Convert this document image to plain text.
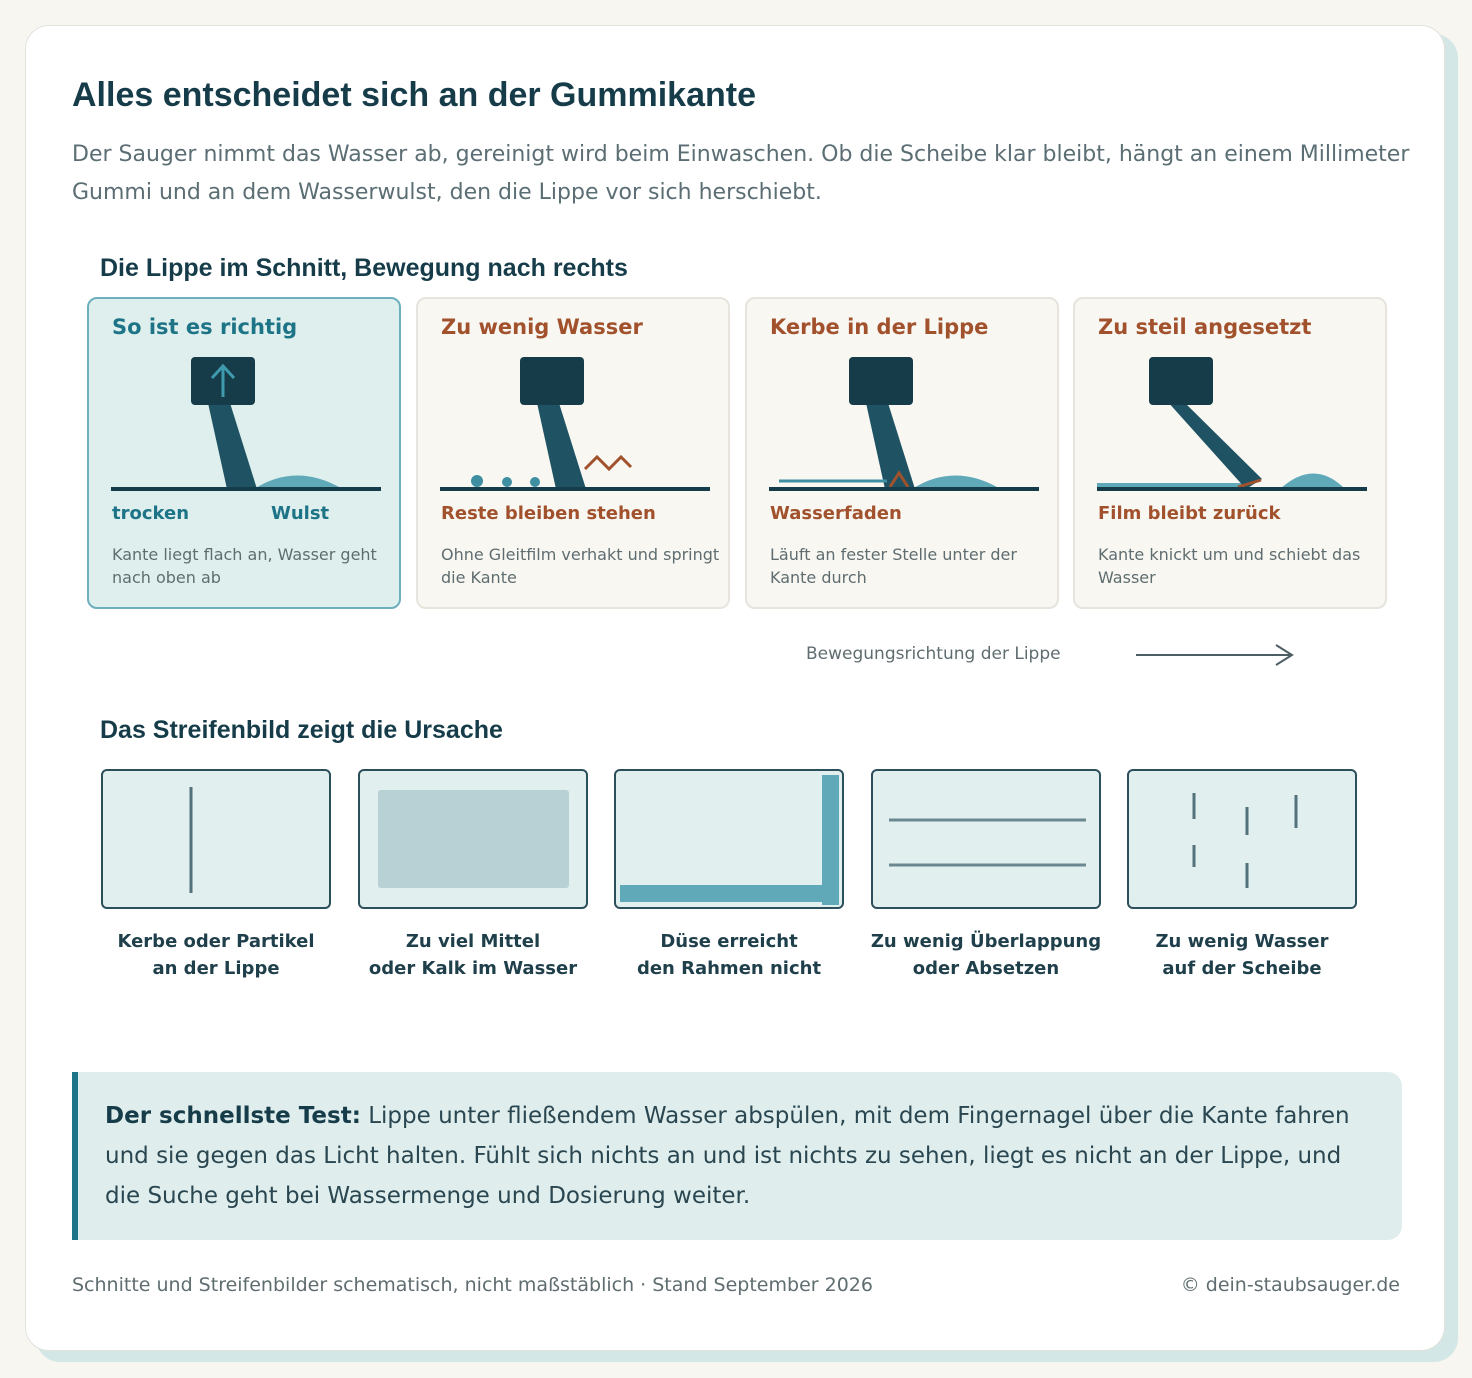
Alles entscheidet sich an der Gummikante

Der Sauger nimmt das Wasser ab, gereinigt wird beim Einwaschen. Ob die Scheibe klar bleibt, hängt an einem Millimeter Gummi und an dem Wasserwulst, den die Lippe vor sich herschiebt.

Die Lippe im Schnitt, Bewegung nach rechts
So ist es richtig
trocken	Wulst
Kante liegt flach an, Wasser geht nach oben ab
Zu wenig Wasser
Reste bleiben stehen
Ohne Gleitfilm verhakt und springt die Kante
Kerbe in der Lippe
Wasserfaden
Läuft an fester Stelle unter der Kante durch
Zu steil angesetzt
Film bleibt zurück
Kante knickt um und schiebt das Wasser
Bewegungsrichtung der Lippe
Das Streifenbild zeigt die Ursache
Kerbe oder Partikel
an der Lippe
Zu viel Mittel
oder Kalk im Wasser
Düse erreicht
den Rahmen nicht
Zu wenig Überlappung
oder Absetzen
Zu wenig Wasser
auf der Scheibe
Der schnellste Test: Lippe unter fließendem Wasser abspülen, mit dem Fingernagel über die Kante fahren und sie gegen das Licht halten. Fühlt sich nichts an und ist nichts zu sehen, liegt es nicht an der Lippe, und die Suche geht bei Wassermenge und Dosierung weiter.
Schnitte und Streifenbilder schematisch, nicht maßstäblich · Stand September 2026	© dein-staubsauger.de
